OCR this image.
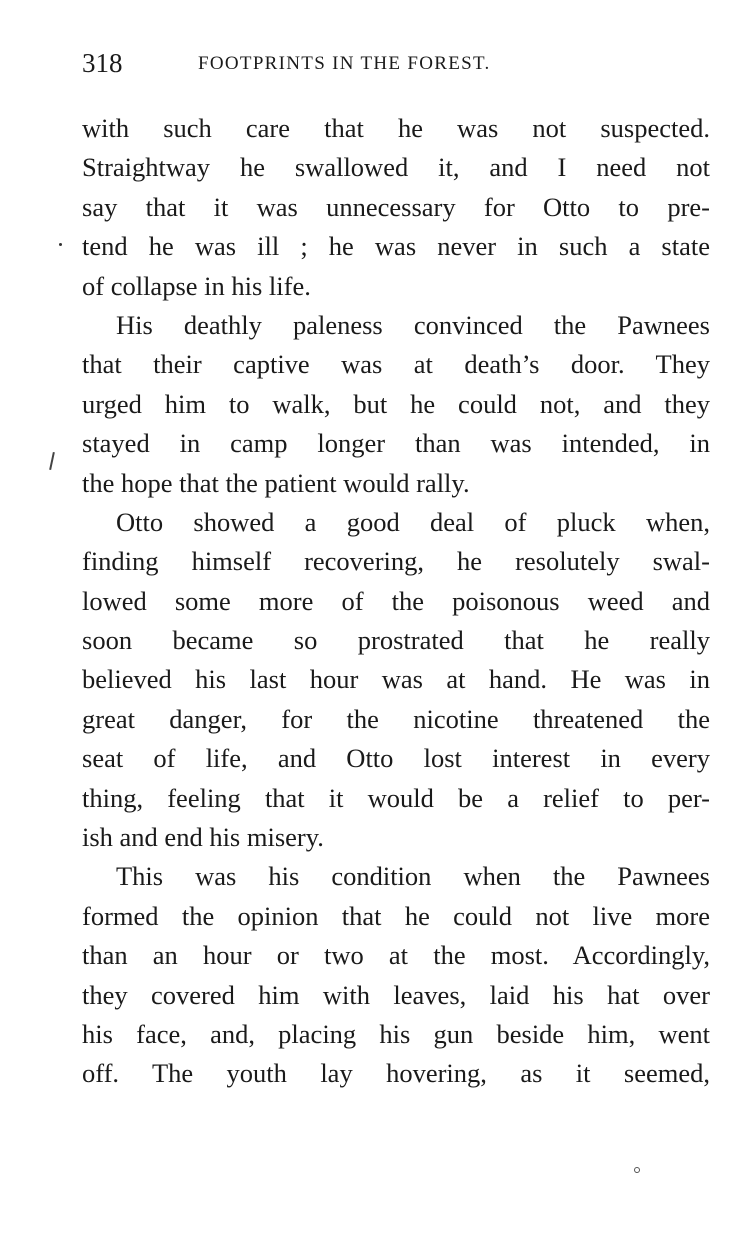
318	FOOTPRINTS IN THE FOREST.
with such care that he was not suspected.
Straightway he swallowed it, and I need not
say that it was unnecessary for Otto to pre-
tend he was ill ; he was never in such a state
of collapse in his life.
His deathly paleness convinced the Pawnees
that their captive was at death’s door. They
urged him to walk, but he could not, and they
stayed in camp longer than was intended, in
the hope that the patient would rally.
Otto showed a good deal of pluck when,
finding himself recovering, he resolutely swal-
lowed some more of the poisonous weed and
soon became so prostrated that he really
believed his last hour was at hand. He was in
great danger, for the nicotine threatened the
seat of life, and Otto lost interest in every
thing, feeling that it would be a relief to per-
ish and end his misery.
This was his condition when the Pawnees
formed the opinion that he could not live more
than an hour or two at the most. Accordingly,
they covered him with leaves, laid his hat over
his face, and, placing his gun beside him, went
off. The youth lay hovering, as it seemed,
